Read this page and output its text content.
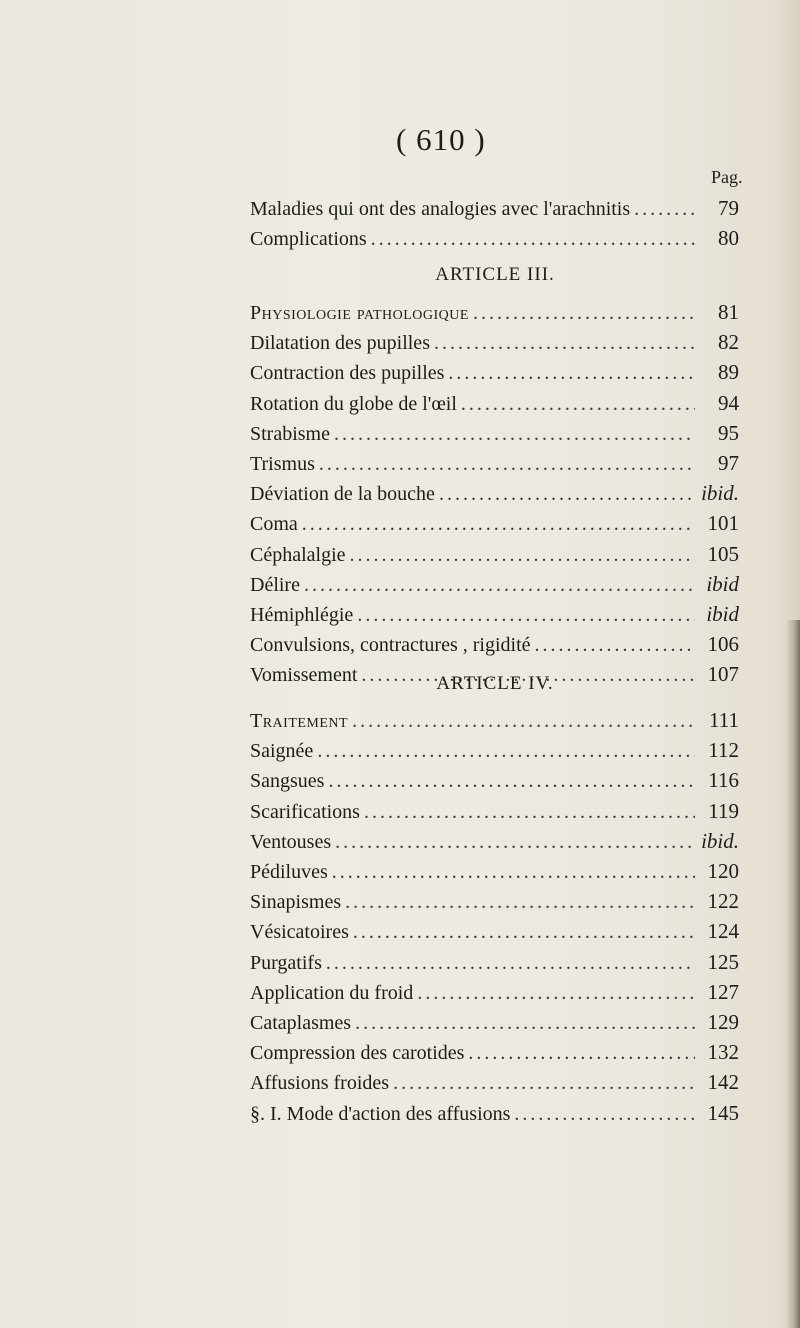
( 610 )
Pag.
Maladies qui ont des analogies avec l'arachnitis . . .	79
Complications . . .	80
ARTICLE III.
Physiologie pathologique . . .	81
Dilatation des pupilles . . .	82
Contraction des pupilles . . .	89
Rotation du globe de l'œil . . .	94
Strabisme . . .	95
Trismus . . .	97
Déviation de la bouche . . .	ibid.
Coma . . .	101
Céphalalgie . . .	105
Délire . . .	ibid
Hémiphlégie . . .	ibid
Convulsions, contractures , rigidité . . .	106
Vomissement . . .	107
ARTICLE IV.
Traitement . . .	111
Saignée . . .	112
Sangsues . . .	116
Scarifications . . .	119
Ventouses . . .	ibid.
Pédiluves . . .	120
Sinapismes . . .	122
Vésicatoires . . .	124
Purgatifs . . .	125
Application du froid . . .	127
Cataplasmes . . .	129
Compression des carotides . . .	132
Affusions froides . . .	142
§. I. Mode d'action des affusions . . .	145
